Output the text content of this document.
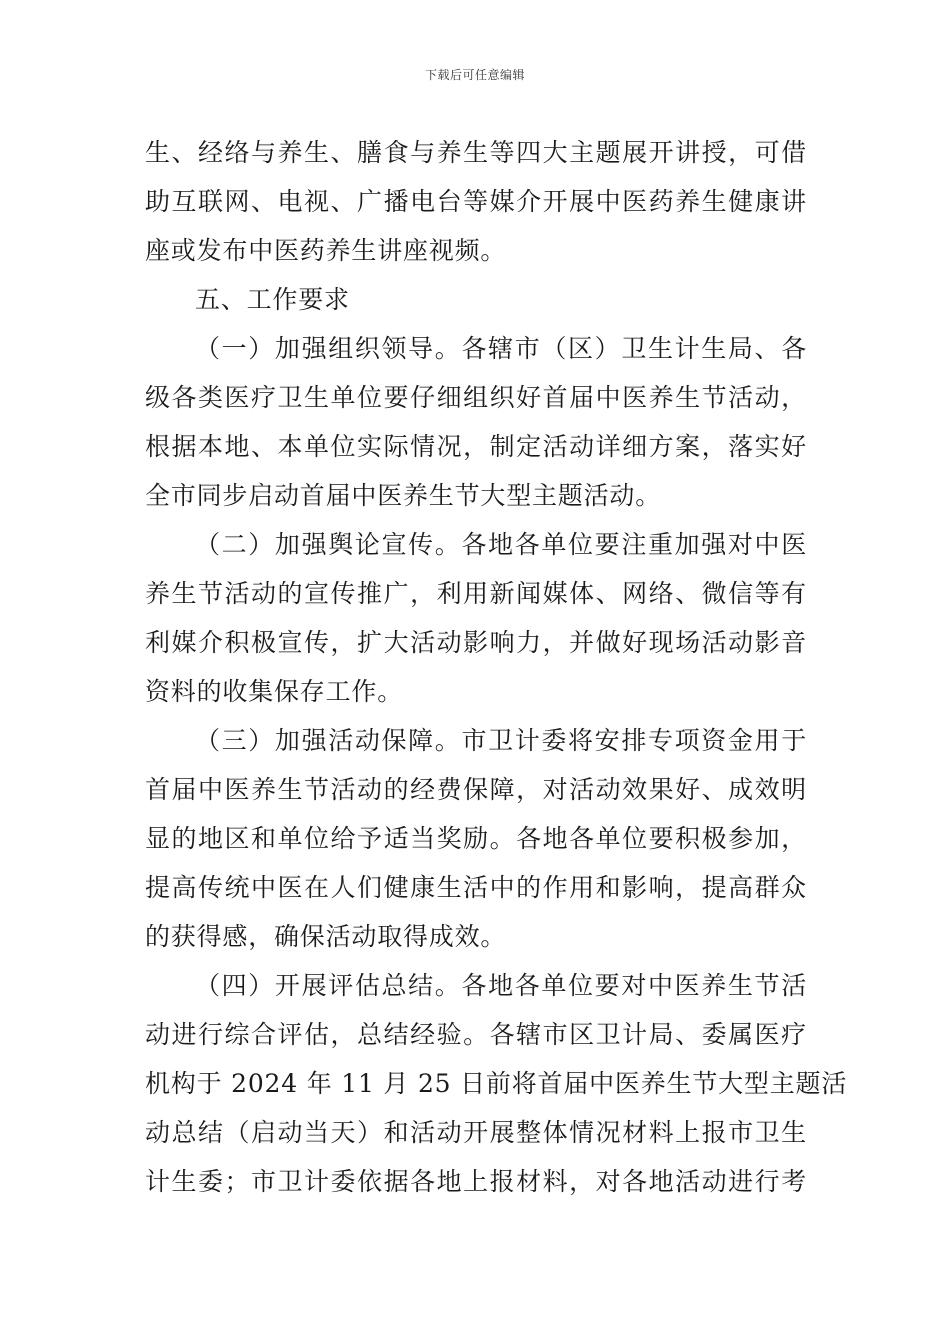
下载后可任意编辑
生、经络与养生、膳食与养生等四大主题展开讲授，可借
助互联网、电视、广播电台等媒介开展中医药养生健康讲
座或发布中医药养生讲座视频。
五、工作要求
（一）加强组织领导。各辖市（区）卫生计生局、各
级各类医疗卫生单位要仔细组织好首届中医养生节活动，
根据本地、本单位实际情况，制定活动详细方案，落实好
全市同步启动首届中医养生节大型主题活动。
（二）加强舆论宣传。各地各单位要注重加强对中医
养生节活动的宣传推广，利用新闻媒体、网络、微信等有
利媒介积极宣传，扩大活动影响力，并做好现场活动影音
资料的收集保存工作。
（三）加强活动保障。市卫计委将安排专项资金用于
首届中医养生节活动的经费保障，对活动效果好、成效明
显的地区和单位给予适当奖励。各地各单位要积极参加，
提高传统中医在人们健康生活中的作用和影响，提高群众
的获得感，确保活动取得成效。
（四）开展评估总结。各地各单位要对中医养生节活
动进行综合评估，总结经验。各辖市区卫计局、委属医疗
机构于 2024 年 11 月 25 日前将首届中医养生节大型主题活
动总结（启动当天）和活动开展整体情况材料上报市卫生
计生委；市卫计委依据各地上报材料，对各地活动进行考
